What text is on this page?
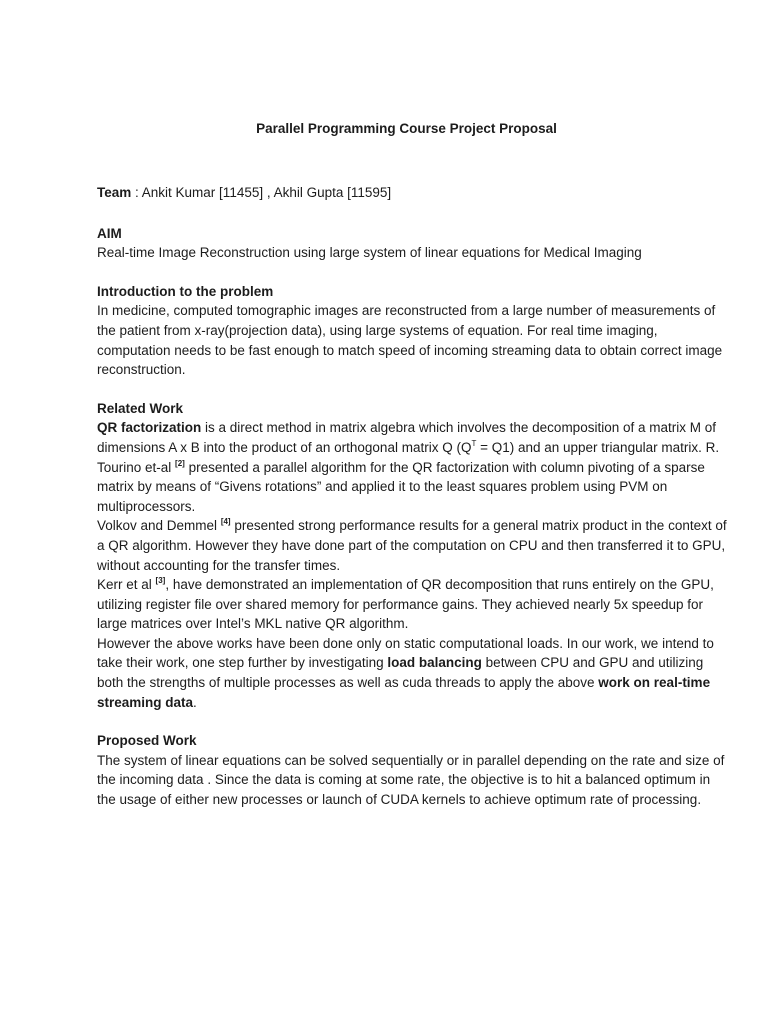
Parallel Programming Course Project Proposal

Team : Ankit Kumar [11455] , Akhil Gupta [11595]

AIM

Real-time Image Reconstruction using large system of linear equations for Medical Imaging

Introduction to the problem

In medicine, computed tomographic images are reconstructed from a large number of measurements of the patient from x-ray(projection data), using large systems of equation. For real time imaging, computation needs to be fast enough to match speed of incoming streaming data to obtain correct image reconstruction.

Related Work

QR factorization is a direct method in matrix algebra which involves the decomposition of a matrix M of dimensions A x B into the product of an orthogonal matrix Q $(Q^T = Q1)$ and an upper triangular matrix. R. Tourino et-al [2] presented a parallel algorithm for the QR factorization with column pivoting of a sparse matrix by means of “Givens rotations” and applied it to the least squares problem using PVM on multiprocessors.

Volkov and Demmel [4] presented strong performance results for a general matrix product in the context of a QR algorithm. However they have done part of the computation on CPU and then transferred it to GPU, without accounting for the transfer times.

Kerr et al [3], have demonstrated an implementation of QR decomposition that runs entirely on the GPU, utilizing register file over shared memory for performance gains. They achieved nearly 5x speedup for large matrices over Intel’s MKL native QR algorithm.

However the above works have been done only on static computational loads. In our work, we intend to take their work, one step further by investigating load balancing between CPU and GPU and utilizing both the strengths of multiple processes as well as cuda threads to apply the above work on real-time streaming data.

Proposed Work

The system of linear equations can be solved sequentially or in parallel depending on the rate and size of the incoming data . Since the data is coming at some rate, the objective is to hit a balanced optimum in the usage of either new processes or launch of CUDA kernels to achieve optimum rate of processing.
